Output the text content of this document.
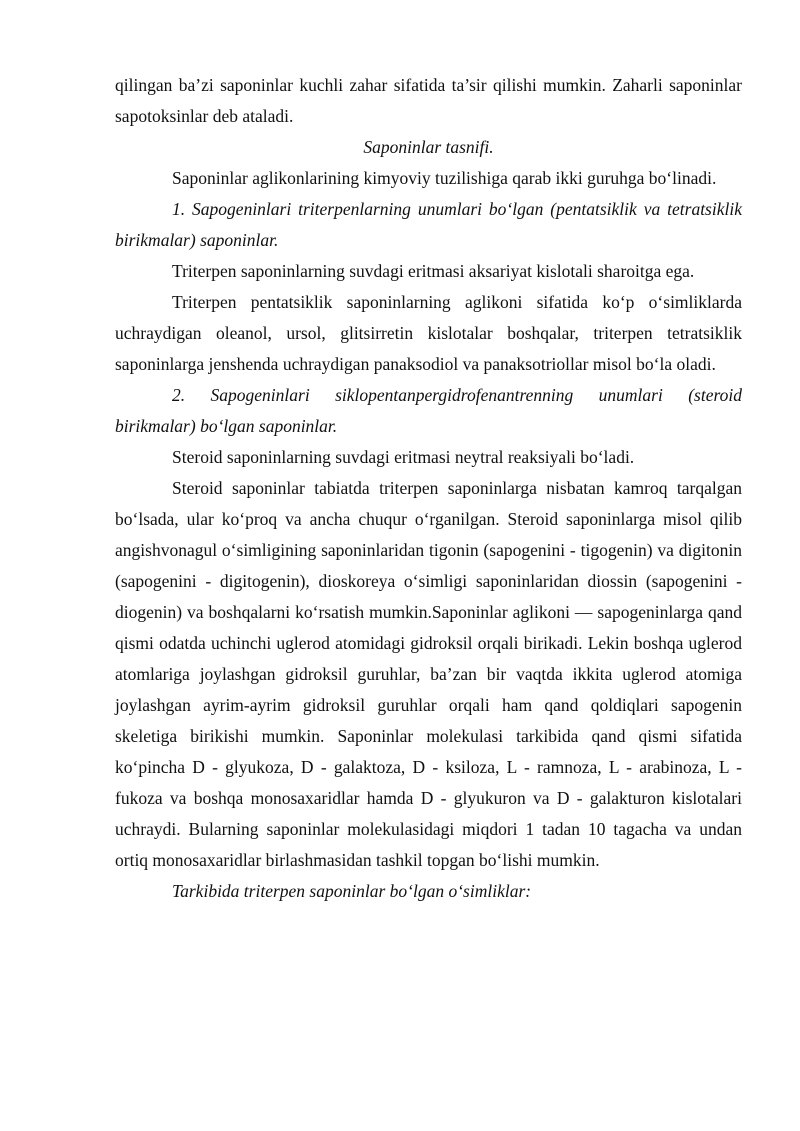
qilingan ba’zi saponinlar kuchli zahar sifatida ta’sir qilishi mumkin. Zaharli saponinlar sapotoksinlar deb ataladi.

Saponinlar tasnifi.

Saponinlar aglikonlarining kimyoviy tuzilishiga qarab ikki guruhga bo‘linadi.

1. Sapogeninlari triterpenlarning unumlari bo‘lgan (pentatsiklik va tetratsiklik birikmalar) saponinlar.

Triterpen saponinlarning suvdagi eritmasi aksariyat kislotali sharoitga ega.

Triterpen pentatsiklik saponinlarning aglikoni sifatida ko‘p o‘simliklarda uchraydigan oleanol, ursol, glitsirretin kislotalar boshqalar, triterpen tetratsiklik saponinlarga jenshenda uchraydigan panaksodiol va panaksotriollar misol bo‘la oladi.

2. Sapogeninlari siklopentanpergidrofenantrenning unumlari (steroid birikmalar) bo‘lgan saponinlar.

Steroid saponinlarning suvdagi eritmasi neytral reaksiyali bo‘ladi.

Steroid saponinlar tabiatda triterpen saponinlarga nisbatan kamroq tarqalgan bo‘lsada, ular ko‘proq va ancha chuqur o‘rganilgan. Steroid saponinlarga misol qilib angishvonagul o‘simligining saponinlaridan tigonin (sapogenini - tigogenin) va digitonin (sapogenini - digitogenin), dioskoreya o‘simligi saponinlaridan diossin (sapogenini - diogenin) va boshqalarni ko‘rsatish mumkin.Saponinlar aglikoni — sapogeninlarga qand qismi odatda uchinchi uglerod atomidagi gidroksil orqali birikadi. Lekin boshqa uglerod atomlariga joylashgan gidroksil guruhlar, ba’zan bir vaqtda ikkita uglerod atomiga joylashgan ayrim-ayrim gidroksil guruhlar orqali ham qand qoldiqlari sapogenin skeletiga birikishi mumkin. Saponinlar molekulasi tarkibida qand qismi sifatida ko‘pincha D - glyukoza, D - galaktoza, D - ksiloza, L - ramnoza, L - arabinoza, L - fukoza va boshqa monosaxaridlar hamda D - glyukuron va D - galakturon kislotalari uchraydi. Bularning saponinlar molekulasidagi miqdori 1 tadan 10 tagacha va undan ortiq monosaxaridlar birlashmasidan tashkil topgan bo‘lishi mumkin.

Tarkibida triterpen saponinlar bo‘lgan o‘simliklar:
